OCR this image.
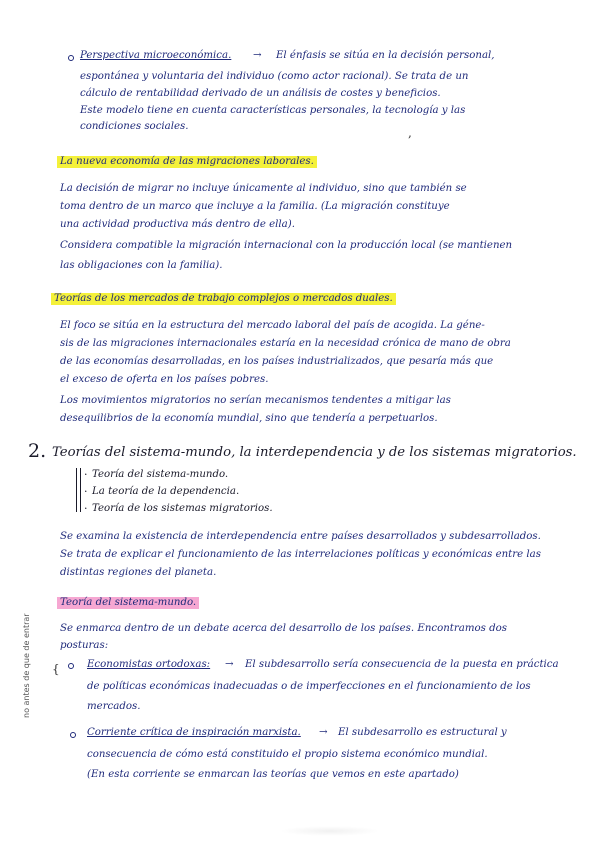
Perspectiva microeconómica. → El énfasis se sitúa en la decisión personal,
espontánea y voluntaria del individuo (como actor racional). Se trata de un
cálculo de rentabilidad derivado de un análisis de costes y beneficios.
Este modelo tiene en cuenta características personales, la tecnología y las
condiciones sociales.	,
La nueva economía de las migraciones laborales.
La decisión de migrar no incluye únicamente al individuo, sino que también se
toma dentro de un marco que incluye a la familia. (La migración constituye
una actividad productiva más dentro de ella).
Considera compatible la migración internacional con la producción local (se mantienen
las obligaciones con la familia).
Teorías de los mercados de trabajo complejos o mercados duales.
El foco se sitúa en la estructura del mercado laboral del país de acogida. La géne-
sis de las migraciones internacionales estaría en la necesidad crónica de mano de obra
de las economías desarrolladas, en los países industrializados, que pesaría más que
el exceso de oferta en los países pobres.
Los movimientos migratorios no serían mecanismos tendentes a mitigar las
desequilibrios de la economía mundial, sino que tendería a perpetuarlos.
2. Teorías del sistema-mundo, la interdependencia y de los sistemas migratorios.
· Teoría del sistema-mundo.
· La teoría de la dependencia.
· Teoría de los sistemas migratorios.
Se examina la existencia de interdependencia entre países desarrollados y subdesarrollados.
Se trata de explicar el funcionamiento de las interrelaciones políticas y económicas entre las
distintas regiones del planeta.
Teoría del sistema-mundo.
Se enmarca dentro de un debate acerca del desarrollo de los países. Encontramos dos
posturas:
no antes de que de entrar {	Economistas ortodoxas: → El subdesarrollo sería consecuencia de la puesta en práctica
de políticas económicas inadecuadas o de imperfecciones en el funcionamiento de los
mercados.
Corriente crítica de inspiración marxista. → El subdesarrollo es estructural y
consecuencia de cómo está constituido el propio sistema económico mundial.
(En esta corriente se enmarcan las teorías que vemos en este apartado)
